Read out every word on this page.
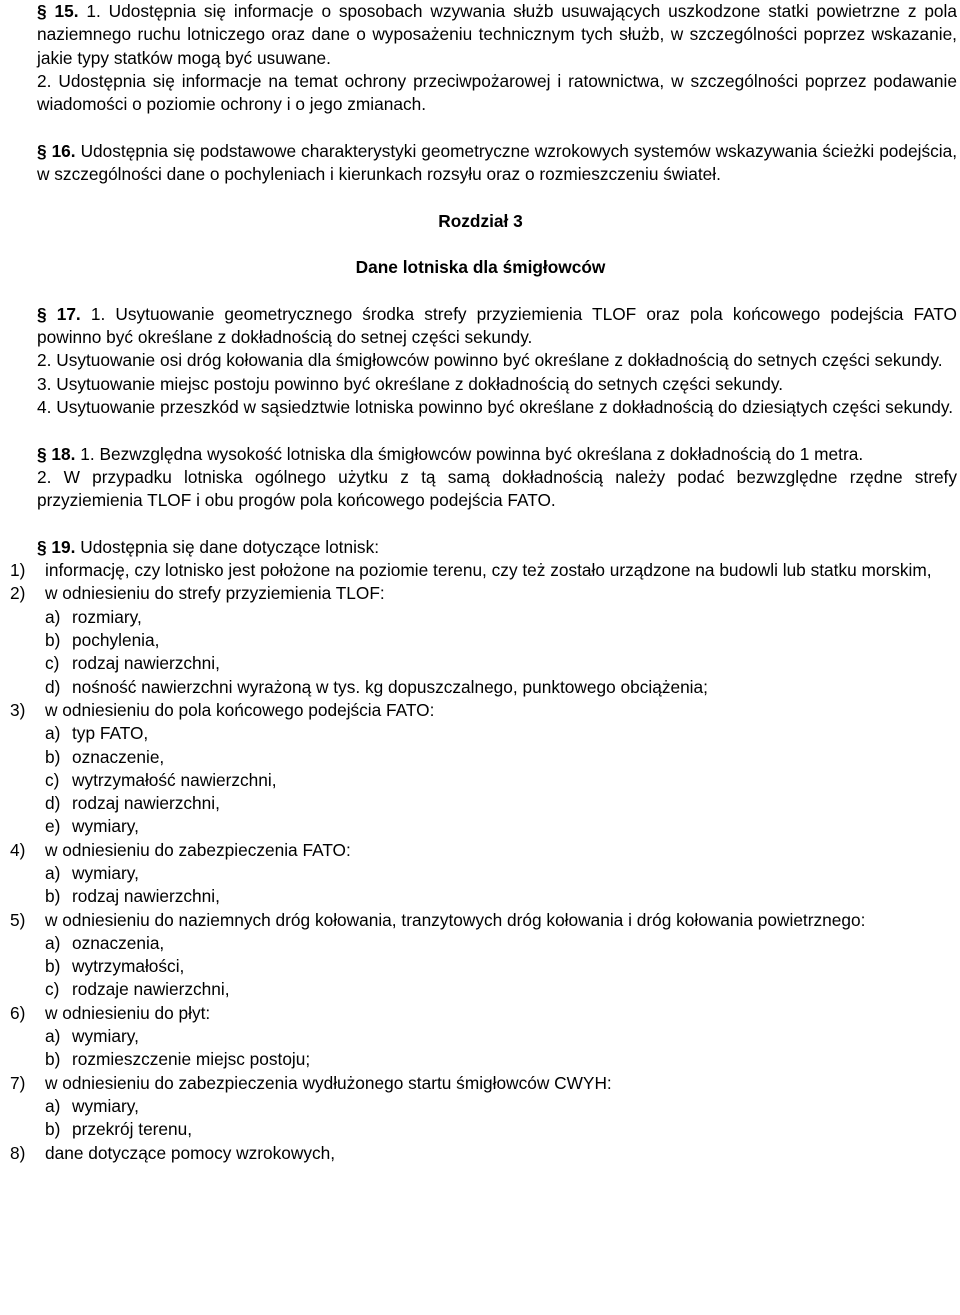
§ 15. 1. Udostępnia się informacje o sposobach wzywania służb usuwających uszkodzone statki powietrzne z pola naziemnego ruchu lotniczego oraz dane o wyposażeniu technicznym tych służb, w szczególności poprzez wskazanie, jakie typy statków mogą być usuwane.

2. Udostępnia się informacje na temat ochrony przeciwpożarowej i ratownictwa, w szczególności poprzez podawanie wiadomości o poziomie ochrony i o jego zmianach.

§ 16. Udostępnia się podstawowe charakterystyki geometryczne wzrokowych systemów wskazywania ścieżki podejścia, w szczególności dane o pochyleniach i kierunkach rozsyłu oraz o rozmieszczeniu świateł.

Rozdział 3

Dane lotniska dla śmigłowców

§ 17. 1. Usytuowanie geometrycznego środka strefy przyziemienia TLOF oraz pola końcowego podejścia FATO powinno być określane z dokładnością do setnej części sekundy.

2. Usytuowanie osi dróg kołowania dla śmigłowców powinno być określane z dokładnością do setnych części sekundy.

3. Usytuowanie miejsc postoju powinno być określane z dokładnością do setnych części sekundy.

4. Usytuowanie przeszkód w sąsiedztwie lotniska powinno być określane z dokładnością do dziesiątych części sekundy.

§ 18. 1. Bezwzględna wysokość lotniska dla śmigłowców powinna być określana z dokładnością do 1 metra.

2. W przypadku lotniska ogólnego użytku z tą samą dokładnością należy podać bezwzględne rzędne strefy przyziemienia TLOF i obu progów pola końcowego podejścia FATO.

§ 19. Udostępnia się dane dotyczące lotnisk:

1) informację, czy lotnisko jest położone na poziomie terenu, czy też zostało urządzone na budowli lub statku morskim,
2) w odniesieniu do strefy przyziemienia TLOF:
a) rozmiary,
b) pochylenia,
c) rodzaj nawierzchni,
d) nośność nawierzchni wyrażoną w tys. kg dopuszczalnego, punktowego obciążenia;
3) w odniesieniu do pola końcowego podejścia FATO:
a) typ FATO,
b) oznaczenie,
c) wytrzymałość nawierzchni,
d) rodzaj nawierzchni,
e) wymiary,
4) w odniesieniu do zabezpieczenia FATO:
a) wymiary,
b) rodzaj nawierzchni,
5) w odniesieniu do naziemnych dróg kołowania, tranzytowych dróg kołowania i dróg kołowania powietrznego:
a) oznaczenia,
b) wytrzymałości,
c) rodzaje nawierzchni,
6) w odniesieniu do płyt:
a) wymiary,
b) rozmieszczenie miejsc postoju;
7) w odniesieniu do zabezpieczenia wydłużonego startu śmigłowców CWYH:
a) wymiary,
b) przekrój terenu,
8) dane dotyczące pomocy wzrokowych,
